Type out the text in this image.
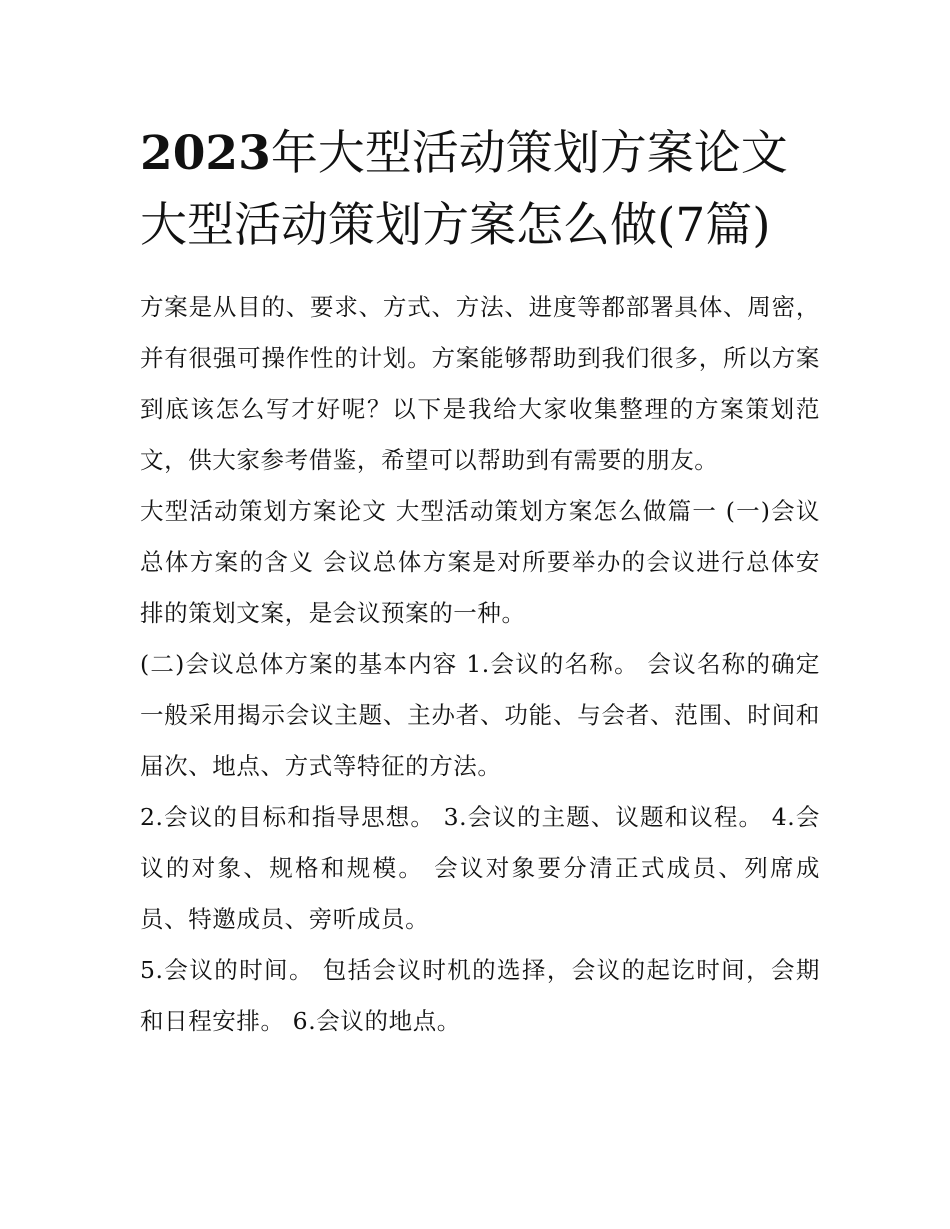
2023年大型活动策划方案论文大型活动策划方案怎么做(7篇)

方案是从目的、要求、方式、方法、进度等都部署具体、周密，并有很强可操作性的计划。方案能够帮助到我们很多，所以方案到底该怎么写才好呢？以下是我给大家收集整理的方案策划范文，供大家参考借鉴，希望可以帮助到有需要的朋友。

大型活动策划方案论文 大型活动策划方案怎么做篇一 (一)会议总体方案的含义 会议总体方案是对所要举办的会议进行总体安排的策划文案，是会议预案的一种。

(二)会议总体方案的基本内容 1.会议的名称。 会议名称的确定一般采用揭示会议主题、主办者、功能、与会者、范围、时间和届次、地点、方式等特征的方法。

2.会议的目标和指导思想。 3.会议的主题、议题和议程。 4.会议的对象、规格和规模。 会议对象要分清正式成员、列席成员、特邀成员、旁听成员。

5.会议的时间。 包括会议时机的选择，会议的起讫时间，会期和日程安排。 6.会议的地点。
